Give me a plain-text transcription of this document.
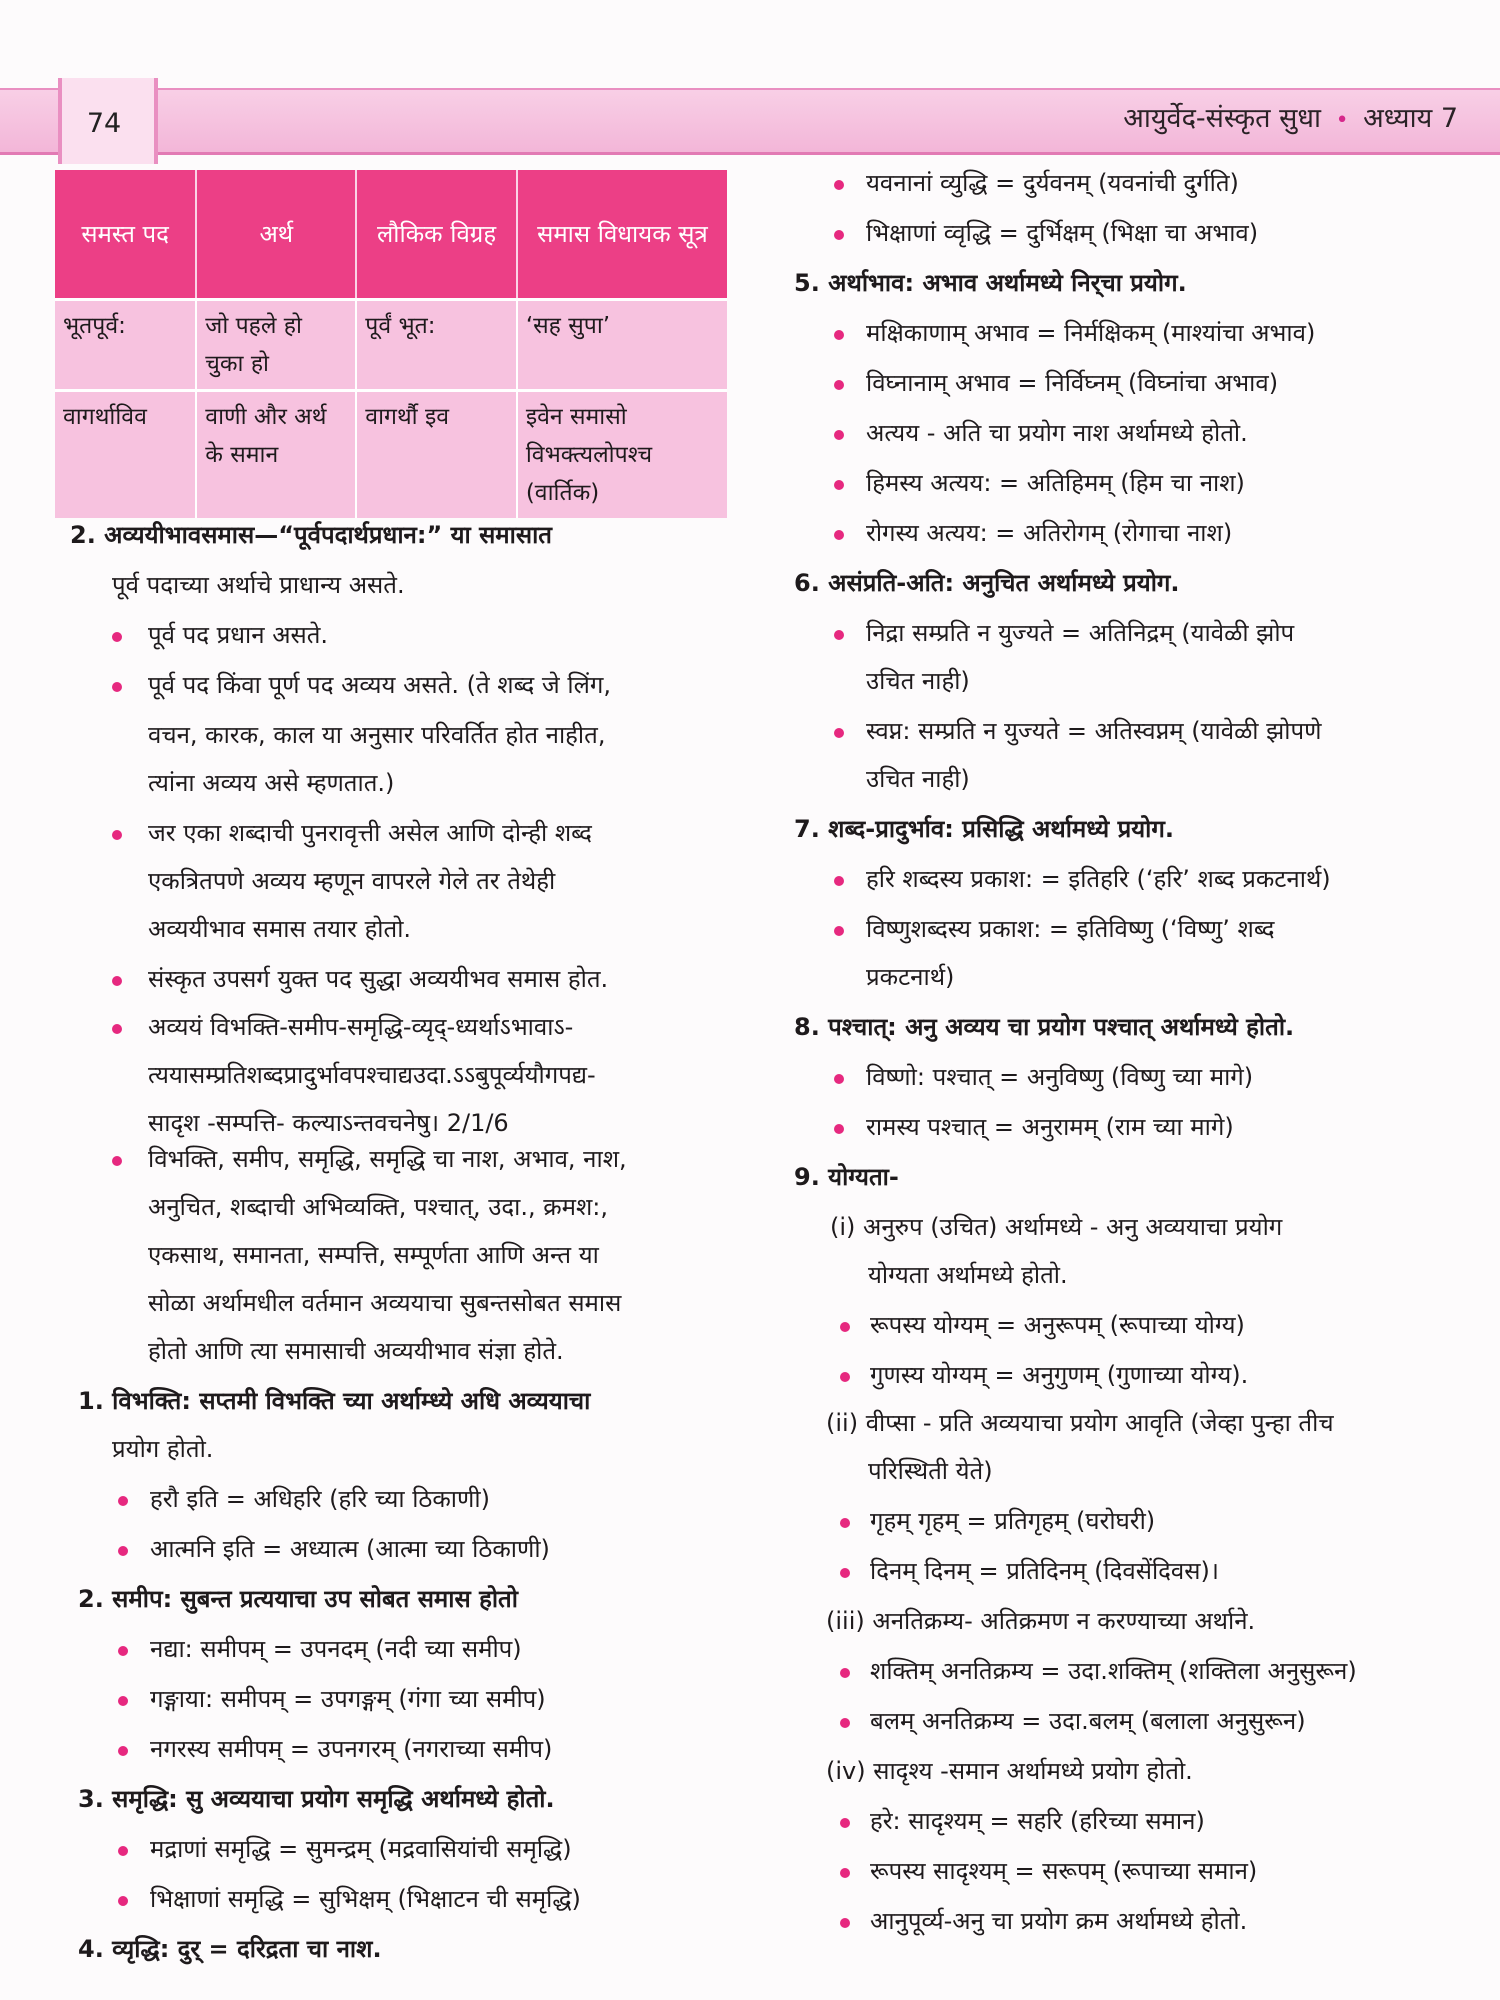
74	आयुर्वेद-संस्कृत सुधा • अध्याय 7
समस्त पद	अर्थ	लौकिक विग्रह	समास विधायक सूत्र
भूतपूर्व:	जो पहले हो चुका हो	पूर्वं भूत:	‘सह सुपा’
वागर्थाविव	वाणी और अर्थ के समान	वागर्थौ इव	इवेन समासो विभक्त्यलोपश्च (वार्तिक)
2. अव्ययीभावसमास—“पूर्वपदार्थप्रधान:” या समासात
पूर्व पदाच्या अर्थाचे प्राधान्य असते.
पूर्व पद प्रधान असते.
पूर्व पद किंवा पूर्ण पद अव्यय असते. (ते शब्द जे लिंग,
वचन, कारक, काल या अनुसार परिवर्तित होत नाहीत,
त्यांना अव्यय असे म्हणतात.)
जर एका शब्दाची पुनरावृत्ती असेल आणि दोन्ही शब्द
एकत्रितपणे अव्यय म्हणून वापरले गेले तर तेथेही
अव्ययीभाव समास तयार होतो.
संस्कृत उपसर्ग युक्त पद सुद्धा अव्ययीभव समास होत.
अव्ययं विभक्ति-समीप-समृद्धि-व्यृद्-ध्यर्थाऽभावाऽ-
त्ययासम्प्रतिशब्दप्रादुर्भावपश्चाद्यउदा.ऽऽबुपूर्व्ययौगपद्य-
सादृश -सम्पत्ति- कल्याऽन्तवचनेषु। 2/1/6
विभक्ति, समीप, समृद्धि, समृद्धि चा नाश, अभाव, नाश,
अनुचित, शब्दाची अभिव्यक्ति, पश्चात्, उदा., क्रमश:,
एकसाथ, समानता, सम्पत्ति, सम्पूर्णता आणि अन्त या
सोळा अर्थामधील वर्तमान अव्ययाचा सुबन्तसोबत समास
होतो आणि त्या समासाची अव्ययीभाव संज्ञा होते.
1. विभक्ति: सप्तमी विभक्ति च्या अर्थाम्ध्ये अधि अव्ययाचा
प्रयोग होतो.
हरौ इति = अधिहरि (हरि च्या ठिकाणी)
आत्मनि इति = अध्यात्म (आत्मा च्या ठिकाणी)
2. समीप: सुबन्त प्रत्ययाचा उप सोबत समास होतो
नद्या: समीपम् = उपनदम् (नदी च्या समीप)
गङ्गाया: समीपम् = उपगङ्गम् (गंगा च्या समीप)
नगरस्य समीपम् = उपनगरम् (नगराच्या समीप)
3. समृद्धि: सु अव्ययाचा प्रयोग समृद्धि अर्थामध्ये होतो.
मद्राणां समृद्धि = सुमन्द्रम् (मद्रवासियांची समृद्धि)
भिक्षाणां समृद्धि = सुभिक्षम् (भिक्षाटन ची समृद्धि)
4. व्यृद्धि: दुर् = दरिद्रता चा नाश.
यवनानां व्युद्धि = दुर्यवनम् (यवनांची दुर्गति)
भिक्षाणां व्वृद्धि = दुर्भिक्षम् (भिक्षा चा अभाव)
5. अर्थाभाव: अभाव अर्थामध्ये निर्‌चा प्रयोग.
मक्षिकाणाम् अभाव = निर्मक्षिकम् (माश्यांचा अभाव)
विघ्नानाम् अभाव = निर्विघ्नम् (विघ्नांचा अभाव)
अत्यय - अति चा प्रयोग नाश अर्थामध्ये होतो.
हिमस्य अत्यय: = अतिहिमम् (हिम चा नाश)
रोगस्य अत्यय: = अतिरोगम् (रोगाचा नाश)
6. असंप्रति-अति: अनुचित अर्थामध्ये प्रयोग.
निद्रा सम्प्रति न युज्यते = अतिनिद्रम् (यावेळी झोप
उचित नाही)
स्वप्न: सम्प्रति न युज्यते = अतिस्वप्नम् (यावेळी झोपणे
उचित नाही)
7. शब्द-प्रादुर्भाव: प्रसिद्धि अर्थामध्ये प्रयोग.
हरि शब्दस्य प्रकाश: = इतिहरि (‘हरि’ शब्द प्रकटनार्थ)
विष्णुशब्दस्य प्रकाश: = इतिविष्णु (‘विष्णु’ शब्द
प्रकटनार्थ)
8. पश्चात्: अनु अव्यय चा प्रयोग पश्चात् अर्थामध्ये होतो.
विष्णो: पश्चात् = अनुविष्णु (विष्णु च्या मागे)
रामस्य पश्चात् = अनुरामम् (राम च्या मागे)
9. योग्यता-
(i) अनुरुप (उचित) अर्थामध्ये - अनु अव्ययाचा प्रयोग
योग्यता अर्थामध्ये होतो.
रूपस्य योग्यम् = अनुरूपम् (रूपाच्या योग्य)
गुणस्य योग्यम् = अनुगुणम् (गुणाच्या योग्य).
(ii) वीप्सा - प्रति अव्ययाचा प्रयोग आवृति (जेव्हा पुन्हा तीच
परिस्थिती येते)
गृहम् गृहम् = प्रतिगृहम् (घरोघरी)
दिनम् दिनम् = प्रतिदिनम् (दिवसेंदिवस)।
(iii) अनतिक्रम्य- अतिक्रमण न करण्याच्या अर्थाने.
शक्तिम् अनतिक्रम्य = उदा.शक्तिम् (शक्तिला अनुसुरून)
बलम् अनतिक्रम्य = उदा.बलम् (बलाला अनुसुरून)
(iv) सादृश्य -समान अर्थामध्ये प्रयोग होतो.
हरे: सादृश्यम् = सहरि (हरिच्या समान)
रूपस्य सादृश्यम् = सरूपम् (रूपाच्या समान)
आनुपूर्व्य-अनु चा प्रयोग क्रम अर्थामध्ये होतो.
